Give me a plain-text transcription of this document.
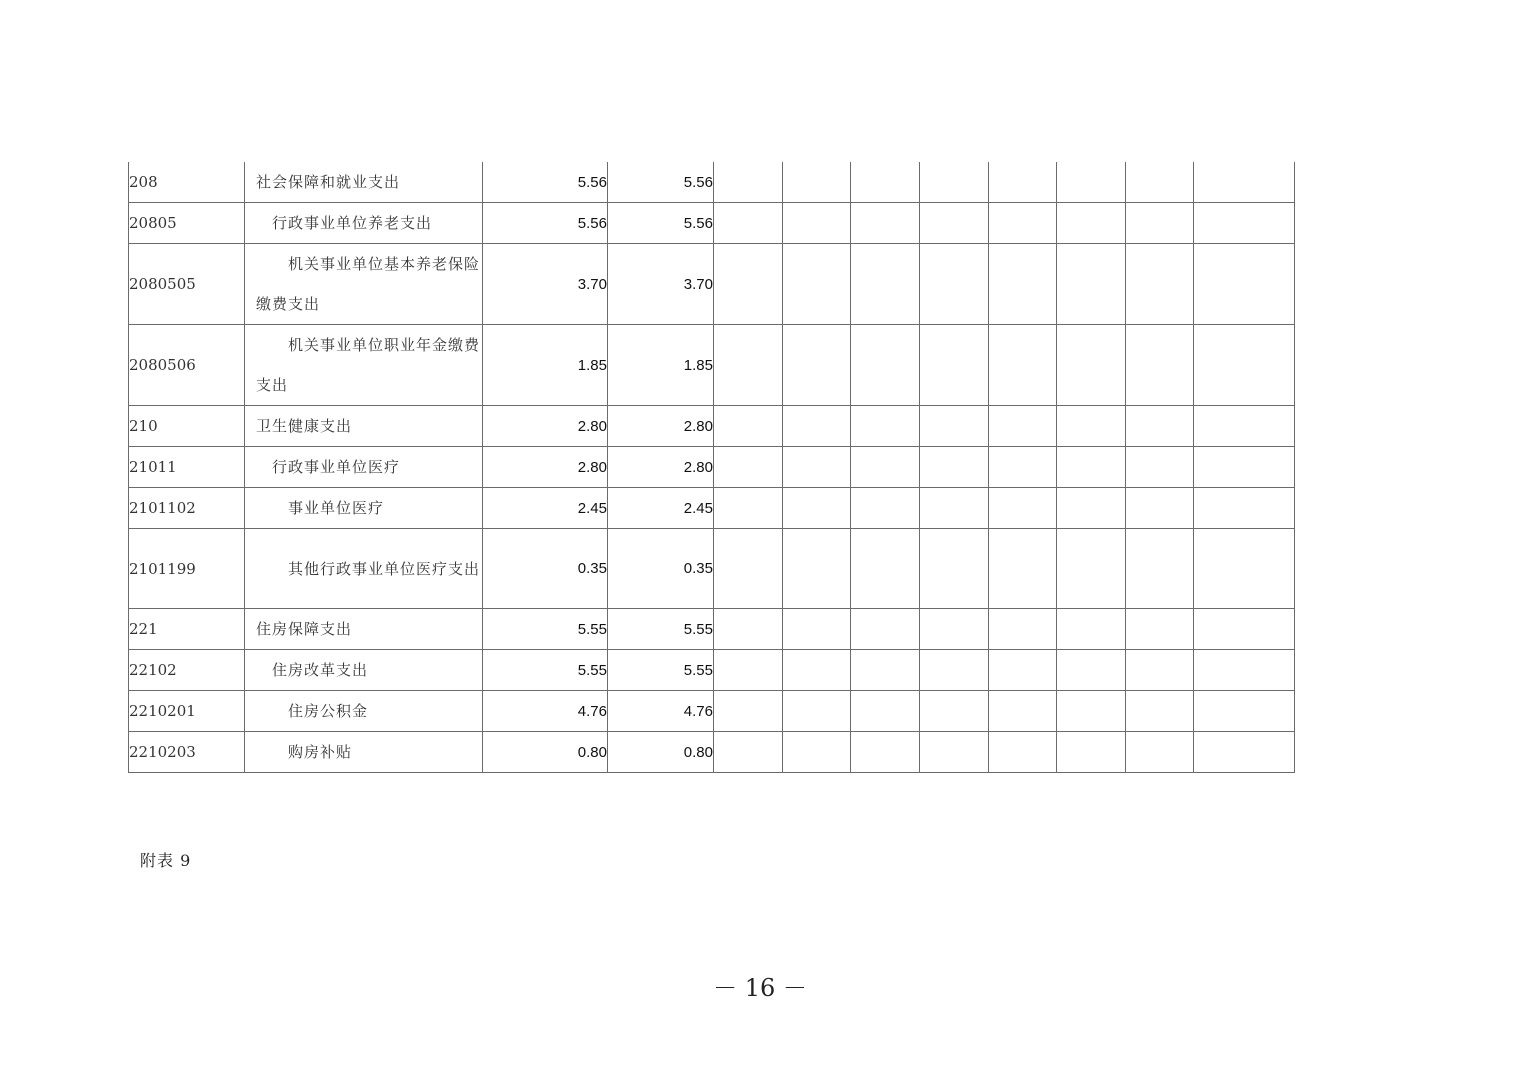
208	社会保障和就业支出	5.56	5.56								
20805	行政事业单位养老支出	5.56	5.56								
2080505	机关事业单位基本养老保险缴费支出	3.70	3.70								
2080506	机关事业单位职业年金缴费支出	1.85	1.85								
210	卫生健康支出	2.80	2.80								
21011	行政事业单位医疗	2.80	2.80								
2101102	事业单位医疗	2.45	2.45								
2101199	其他行政事业单位医疗支出	0.35	0.35								
221	住房保障支出	5.55	5.55								
22102	住房改革支出	5.55	5.55								
2210201	住房公积金	4.76	4.76								
2210203	购房补贴	0.80	0.80								
附表 9
－ 16 －
